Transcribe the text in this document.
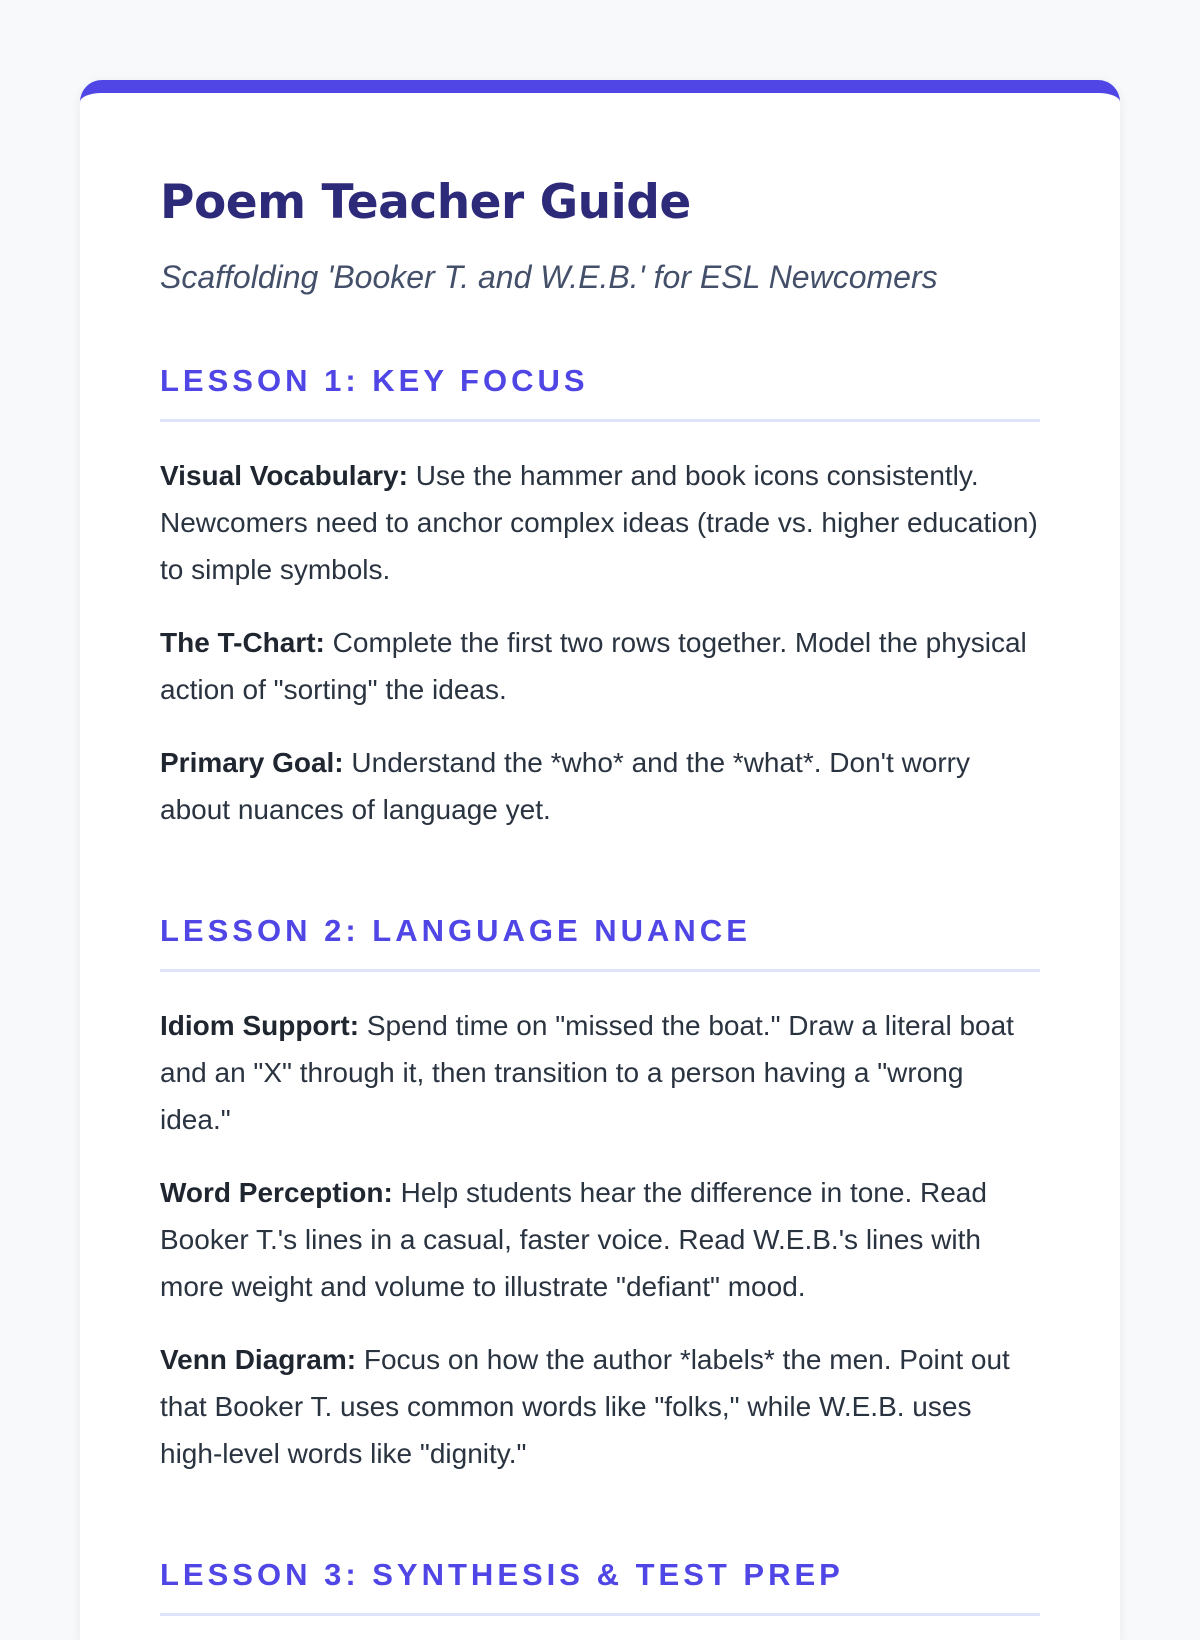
Poem Teacher Guide

Scaffolding 'Booker T. and W.E.B.' for ESL Newcomers

LESSON 1: KEY FOCUS

Visual Vocabulary: Use the hammer and book icons consistently. Newcomers need to anchor complex ideas (trade vs. higher education) to simple symbols.

The T-Chart: Complete the first two rows together. Model the physical action of "sorting" the ideas.

Primary Goal: Understand the *who* and the *what*. Don't worry about nuances of language yet.

LESSON 2: LANGUAGE NUANCE

Idiom Support: Spend time on "missed the boat." Draw a literal boat and an "X" through it, then transition to a person having a "wrong idea."

Word Perception: Help students hear the difference in tone. Read Booker T.'s lines in a casual, faster voice. Read W.E.B.'s lines with more weight and volume to illustrate "defiant" mood.

Venn Diagram: Focus on how the author *labels* the men. Point out that Booker T. uses common words like "folks," while W.E.B. uses high-level words like "dignity."

LESSON 3: SYNTHESIS & TEST PREP
